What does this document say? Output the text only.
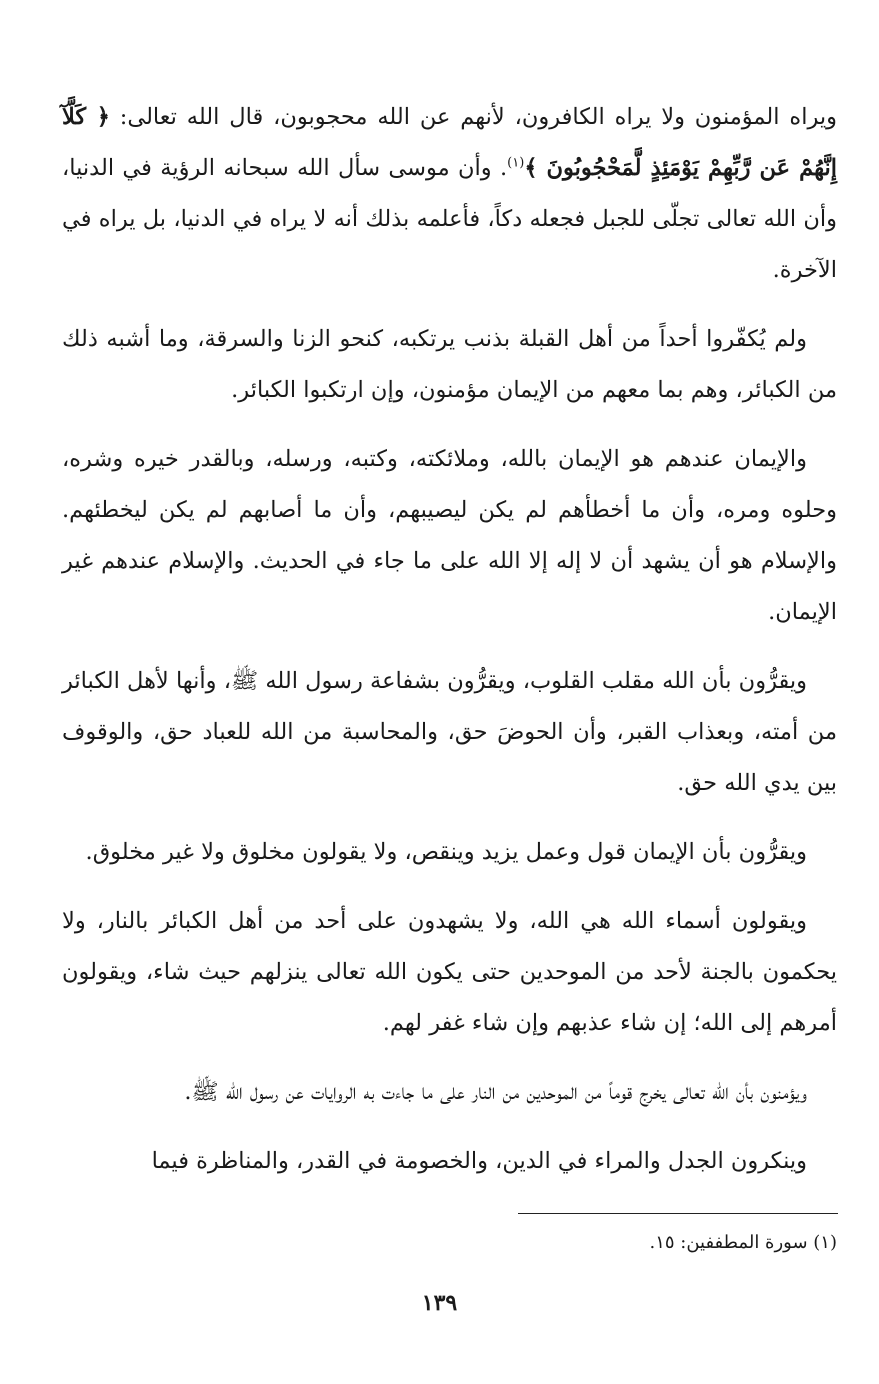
ويراه المؤمنون ولا يراه الكافرون، لأنهم عن الله محجوبون، قال الله تعالى: ﴿ كَلَّآ إِنَّهُمْ عَن رَّبِّهِمْ يَوْمَئِذٍ لَّمَحْجُوبُونَ ﴾$^{(١)}$. وأن موسى سأل الله سبحانه الرؤية في الدنيا، وأن الله تعالى تجلّى للجبل فجعله دكاً، فأعلمه بذلك أنه لا يراه في الدنيا، بل يراه في الآخرة.

ولم يُكفّروا أحداً من أهل القبلة بذنب يرتكبه، كنحو الزنا والسرقة، وما أشبه ذلك من الكبائر، وهم بما معهم من الإيمان مؤمنون، وإن ارتكبوا الكبائر.

والإيمان عندهم هو الإيمان بالله، وملائكته، وكتبه، ورسله، وبالقدر خيره وشره، وحلوه ومره، وأن ما أخطأهم لم يكن ليصيبهم، وأن ما أصابهم لم يكن ليخطئهم. والإسلام هو أن يشهد أن لا إله إلا الله على ما جاء في الحديث. والإسلام عندهم غير الإيمان.

ويقرُّون بأن الله مقلب القلوب، ويقرُّون بشفاعة رسول الله ﷺ، وأنها لأهل الكبائر من أمته، وبعذاب القبر، وأن الحوضَ حق، والمحاسبة من الله للعباد حق، والوقوف بين يدي الله حق.

ويقرُّون بأن الإيمان قول وعمل يزيد وينقص، ولا يقولون مخلوق ولا غير مخلوق.

ويقولون أسماء الله هي الله، ولا يشهدون على أحد من أهل الكبائر بالنار، ولا يحكمون بالجنة لأحد من الموحدين حتى يكون الله تعالى ينزلهم حيث شاء، ويقولون أمرهم إلى الله؛ إن شاء عذبهم وإن شاء غفر لهم.

ويؤمنون بأن الله تعالى يخرج قوماً من الموحدين من النار على ما جاءت به الروايات عن رسول الله ﷺ.

وينكرون الجدل والمراء في الدين، والخصومة في القدر، والمناظرة فيما

(١) سورة المطففين: ١٥.
١٣٩
